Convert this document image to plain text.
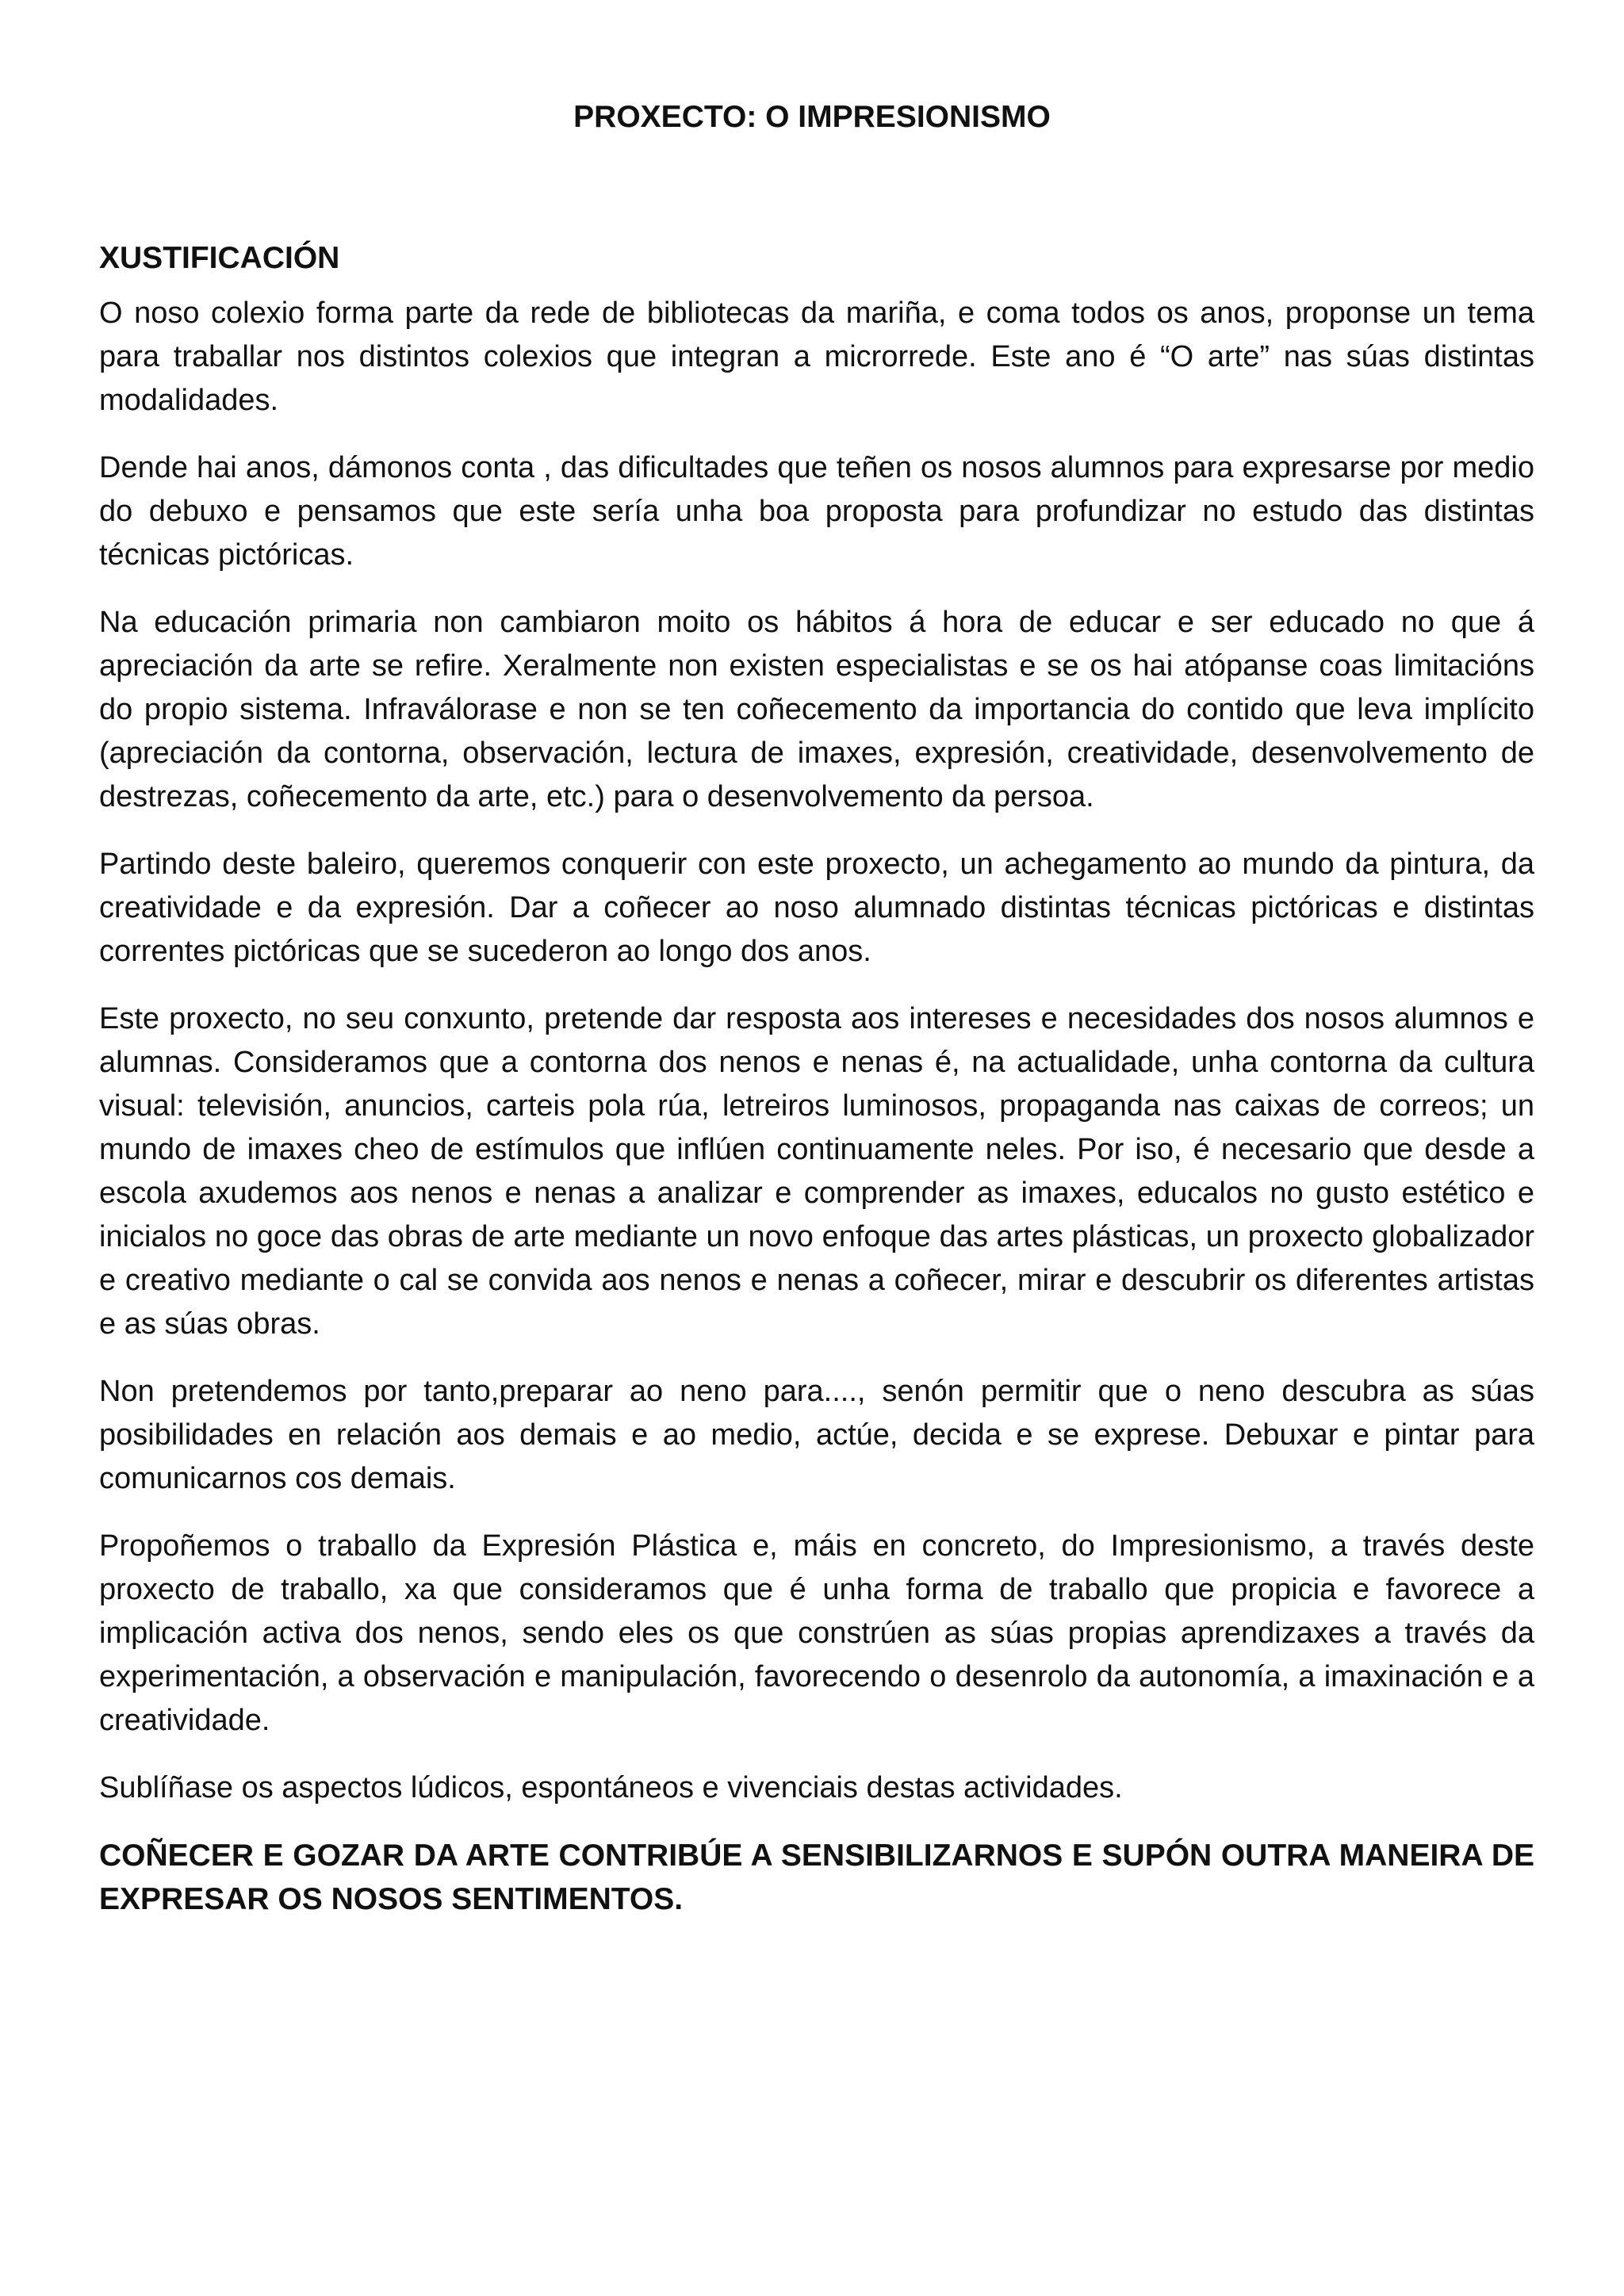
PROXECTO: O IMPRESIONISMO
XUSTIFICACIÓN

O noso colexio forma parte da rede de bibliotecas da mariña, e coma todos os anos, proponse un tema para traballar nos distintos colexios que integran a microrrede. Este ano é “O arte” nas súas distintas modalidades.

Dende hai anos, dámonos conta , das dificultades que teñen os nosos alumnos para expresarse por medio do debuxo e pensamos que este sería unha boa proposta para profundizar no estudo das distintas técnicas pictóricas.

Na educación primaria non cambiaron moito os hábitos á hora de educar e ser educado no que á apreciación da arte se refire. Xeralmente non existen especialistas e se os hai atópanse coas limitacións do propio sistema. Infraválorase e non se ten coñecemento da importancia do contido que leva implícito (apreciación da contorna, observación, lectura de imaxes, expresión, creatividade, desenvolvemento de destrezas, coñecemento da arte, etc.) para o desenvolvemento da persoa.

Partindo deste baleiro, queremos conquerir con este proxecto, un achegamento ao mundo da pintura, da creatividade e da expresión. Dar a coñecer ao noso alumnado distintas técnicas pictóricas e distintas correntes pictóricas que se sucederon ao longo dos anos.

Este proxecto, no seu conxunto, pretende dar resposta aos intereses e necesidades dos nosos alumnos e alumnas. Consideramos que a contorna dos nenos e nenas é, na actualidade, unha contorna da cultura visual: televisión, anuncios, carteis pola rúa, letreiros luminosos, propaganda nas caixas de correos; un mundo de imaxes cheo de estímulos que inflúen continuamente neles. Por iso, é necesario que desde a escola axudemos aos nenos e nenas a analizar e comprender as imaxes, educalos no gusto estético e inicialos no goce das obras de arte mediante un novo enfoque das artes plásticas, un proxecto globalizador e creativo mediante o cal se convida aos nenos e nenas a coñecer, mirar e descubrir os diferentes artistas e as súas obras.

Non pretendemos por tanto,preparar ao neno para...., senón permitir que o neno descubra as súas posibilidades en relación aos demais e ao medio, actúe, decida e se exprese. Debuxar e pintar para comunicarnos cos demais.

Propoñemos o traballo da Expresión Plástica e, máis en concreto, do Impresionismo, a través deste proxecto de traballo, xa que consideramos que é unha forma de traballo que propicia e favorece a implicación activa dos nenos, sendo eles os que constrúen as súas propias aprendizaxes a través da experimentación, a observación e manipulación, favorecendo o desenrolo da autonomía, a imaxinación e a creatividade.

Sublíñase os aspectos lúdicos, espontáneos e vivenciais destas actividades.

COÑECER E GOZAR DA ARTE CONTRIBÚE A SENSIBILIZARNOS E SUPÓN OUTRA MANEIRA DE EXPRESAR OS NOSOS SENTIMENTOS.
